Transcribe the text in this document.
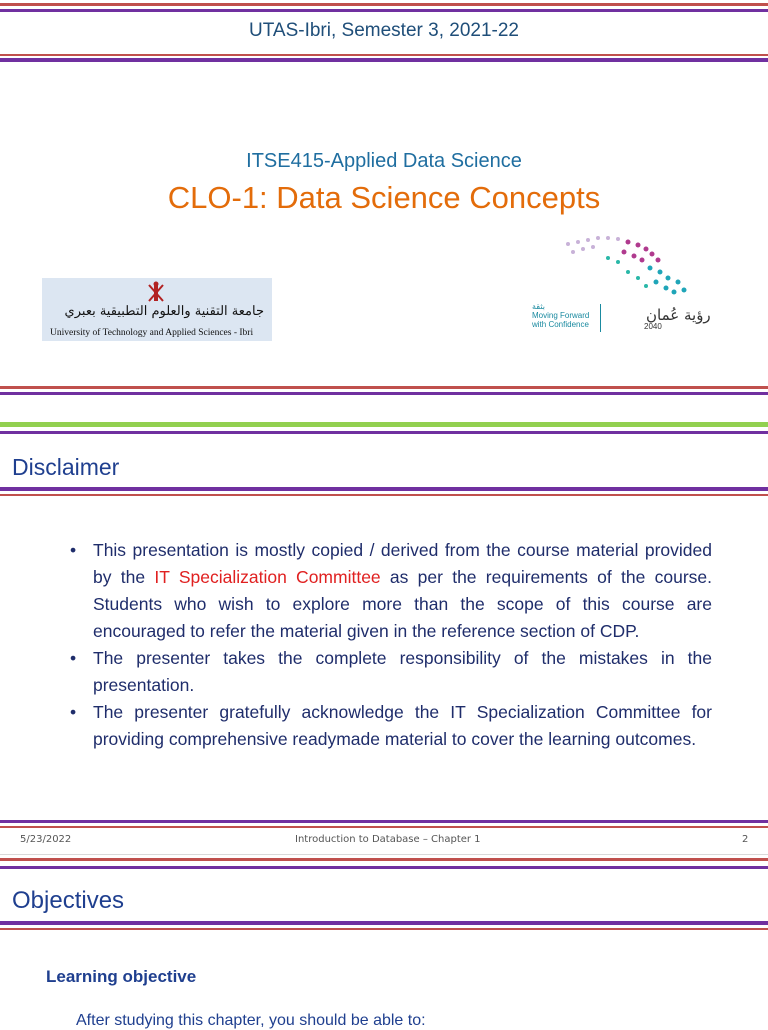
UTAS-Ibri, Semester 3, 2021-22
ITSE415-Applied Data Science
CLO-1: Data Science Concepts
جامعة التقنية والعلوم التطبيقية بعبري
University of Technology and Applied Sciences - Ibri
بثقة
Moving Forward
with Confidence
رؤية عُمان
2040
Disclaimer
• This presentation is mostly copied / derived from the course material provided by the IT Specialization Committee as per the requirements of the course. Students who wish to explore more than the scope of this course are encouraged to refer the material given in the reference section of CDP.
• The presenter takes the complete responsibility of the mistakes in the presentation.
• The presenter gratefully acknowledge the IT Specialization Committee for providing comprehensive readymade material to cover the learning outcomes.
5/23/2022	Introduction to Database – Chapter 1	2
Objectives
Learning objective
After studying this chapter, you should be able to:
